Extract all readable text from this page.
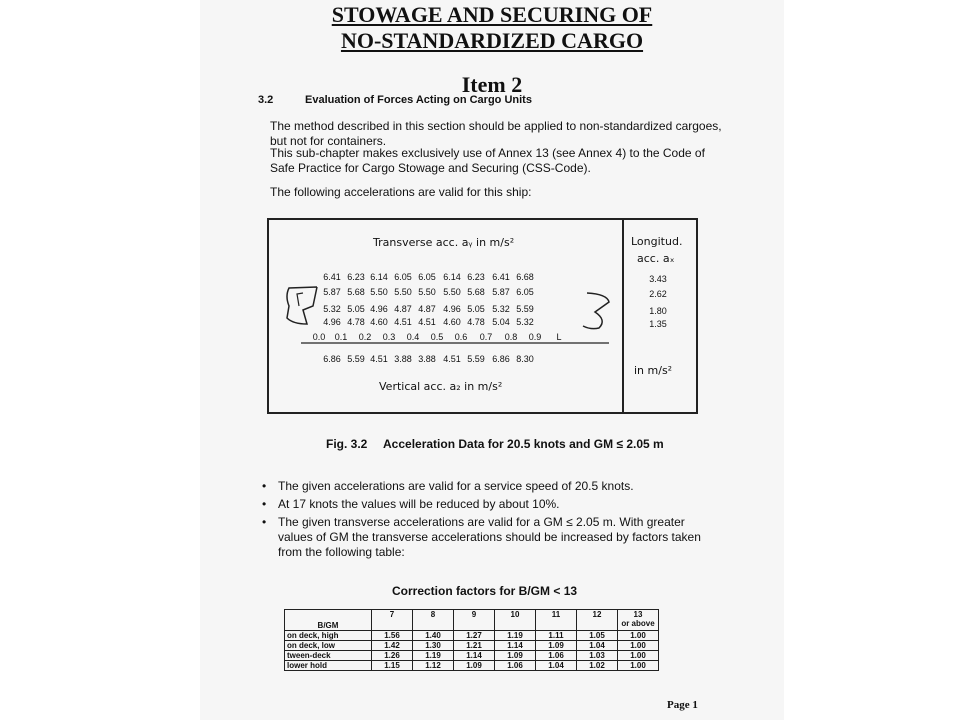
STOWAGE AND SECURING OF
NO-STANDARDIZED CARGO
Item 2
3.2	Evaluation of Forces Acting on Cargo Units
The method described in this section should be applied to non-standardized cargoes,
but not for containers.
This sub-chapter makes exclusively use of Annex 13 (see Annex 4) to the Code of
Safe Practice for Cargo Stowage and Securing (CSS-Code).
The following accelerations are valid for this ship:
Transverse acc. aᵧ in m/s²	Longitud.
acc. aₓ
6.41 6.23 6.14 6.05 6.05 6.14 6.23 6.41 6.68
5.87 5.68 5.50 5.50 5.50 5.50 5.68 5.87 6.05
5.32 5.05 4.96 4.87 4.87 4.96 5.05 5.32 5.59
4.96 4.78 4.60 4.51 4.51 4.60 4.78 5.04 5.32
3.43
2.62
1.80
1.35
0.0	0.1	0.2	0.3	0.4	0.5	0.6	0.7	0.8	0.9	L
6.86 5.59 4.51 3.88 3.88 4.51 5.59 6.86 8.30
Vertical acc. a₂ in m/s²
in m/s²
Fig. 3.2 Acceleration Data for 20.5 knots and GM ≤ 2.05 m
• The given accelerations are valid for a service speed of 20.5 knots.
• At 17 knots the values will be reduced by about 10%.
• The given transverse accelerations are valid for a GM ≤ 2.05 m. With greater
values of GM the transverse accelerations should be increased by factors taken
from the following table:
Correction factors for B/GM < 13
B/GM	7	8	9	10	11	12	13
or above
on deck, high	1.56	1.40	1.27	1.19	1.11	1.05	1.00
on deck, low	1.42	1.30	1.21	1.14	1.09	1.04	1.00
tween-deck	1.26	1.19	1.14	1.09	1.06	1.03	1.00
lower hold	1.15	1.12	1.09	1.06	1.04	1.02	1.00
Page 1
